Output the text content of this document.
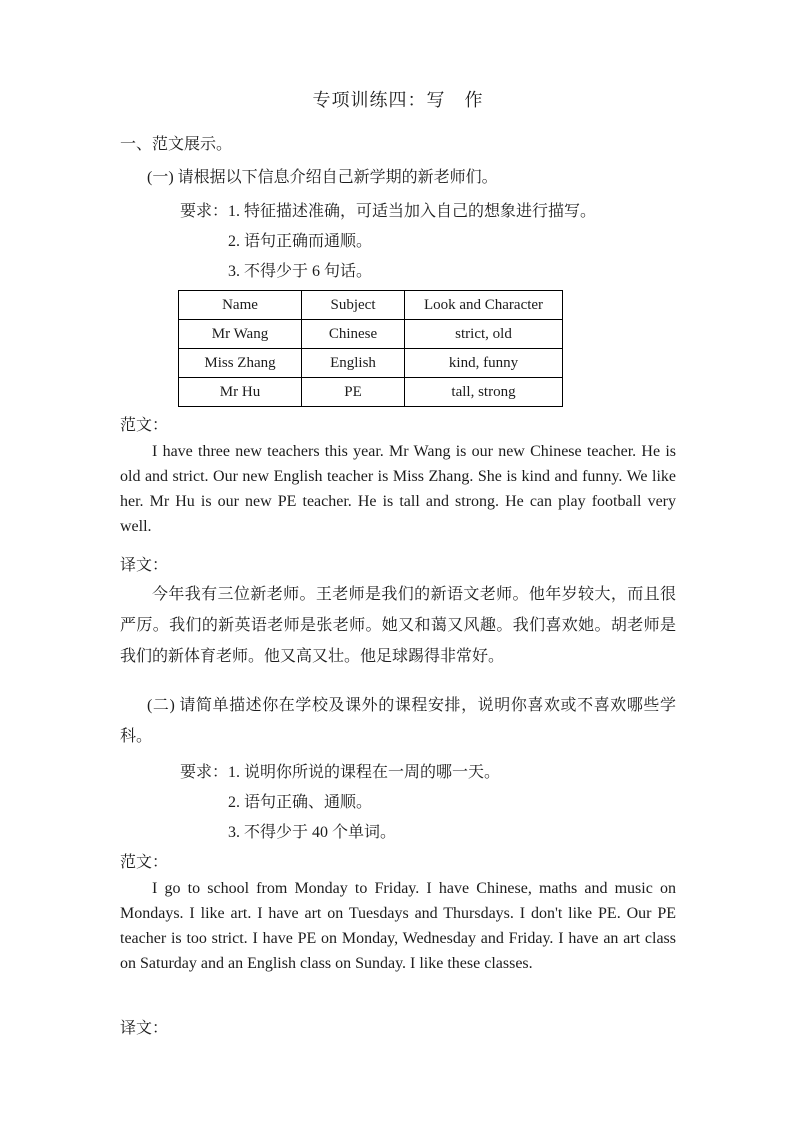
专项训练四：写　作
一、范文展示。
(一) 请根据以下信息介绍自己新学期的新老师们。
要求： 1. 特征描述准确，可适当加入自己的想象进行描写。
2. 语句正确而通顺。
3. 不得少于 6 句话。
Name	Subject	Look and Character
Mr Wang	Chinese	strict, old
Miss Zhang	English	kind, funny
Mr Hu	PE	tall, strong
范文：
I have three new teachers this year. Mr Wang is our new Chinese teacher. He is old and strict. Our new English teacher is Miss Zhang. She is kind and funny. We like her. Mr Hu is our new PE teacher. He is tall and strong. He can play football very well.
译文：
今年我有三位新老师。王老师是我们的新语文老师。他年岁较大，而且很严厉。我们的新英语老师是张老师。她又和蔼又风趣。我们喜欢她。胡老师是我们的新体育老师。他又高又壮。他足球踢得非常好。
(二) 请简单描述你在学校及课外的课程安排，说明你喜欢或不喜欢哪些学科。
要求： 1. 说明你所说的课程在一周的哪一天。
2. 语句正确、通顺。
3. 不得少于 40 个单词。
范文：
I go to school from Monday to Friday. I have Chinese, maths and music on Mondays. I like art. I have art on Tuesdays and Thursdays. I don't like PE. Our PE teacher is too strict. I have PE on Monday, Wednesday and Friday. I have an art class on Saturday and an English class on Sunday. I like these classes.
译文：
